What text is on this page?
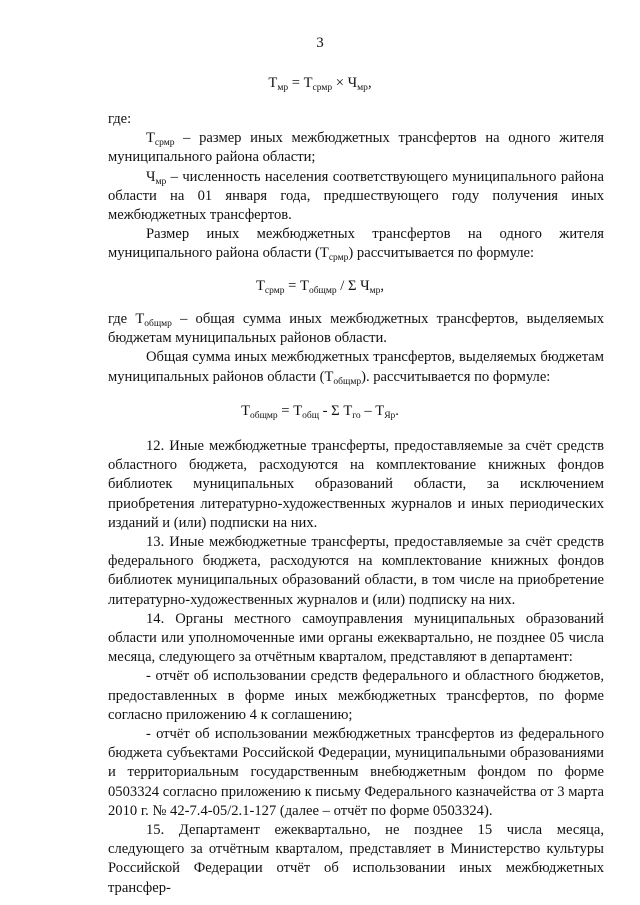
3
$Т_{мр} = Т_{срмр} \times Ч_{мр}$,

где:

$Т_{срмр}$ – размер иных межбюджетных трансфертов на одного жителя муниципального района области;

$Ч_{мр}$ – численность населения соответствующего муниципального района области на 01 января года, предшествующего году получения иных межбюджетных трансфертов.

Размер иных межбюджетных трансфертов на одного жителя муниципального района области $(Т_{срмр})$ рассчитывается по формуле:

$Т_{срмр} = Т_{общмр} / \Sigma$ $Ч_{мр}$,

где $Т_{общмр}$ – общая сумма иных межбюджетных трансфертов, выделяемых бюджетам муниципальных районов области.

Общая сумма иных межбюджетных трансфертов, выделяемых бюджетам муниципальных районов области $(Т_{общмр})$. рассчитывается по формуле:

$Т_{общмр} = Т_{общ} - \Sigma$ $Т_{го} - Т_{Яр}$.

12. Иные межбюджетные трансферты, предоставляемые за счёт средств областного бюджета, расходуются на комплектование книжных фондов библиотек муниципальных образований области, за исключением приобретения литературно-художественных журналов и иных периодических изданий и (или) подписки на них.

13. Иные межбюджетные трансферты, предоставляемые за счёт средств федерального бюджета, расходуются на комплектование книжных фондов библиотек муниципальных образований области, в том числе на приобретение литературно-художественных журналов и (или) подписку на них.

14. Органы местного самоуправления муниципальных образований области или уполномоченные ими органы ежеквартально, не позднее 05 числа месяца, следующего за отчётным кварталом, представляют в департамент:

- отчёт об использовании средств федерального и областного бюджетов, предоставленных в форме иных межбюджетных трансфертов, по форме согласно приложению 4 к соглашению;

- отчёт об использовании межбюджетных трансфертов из федерального бюджета субъектами Российской Федерации, муниципальными образованиями и территориальным государственным внебюджетным фондом по форме 0503324 согласно приложению к письму Федерального казначейства от 3 марта 2010 г. № 42-7.4-05/2.1-127 (далее – отчёт по форме 0503324).

15. Департамент ежеквартально, не позднее 15 числа месяца, следующего за отчётным кварталом, представляет в Министерство культуры Российской Федерации отчёт об использовании иных межбюджетных трансфер-
